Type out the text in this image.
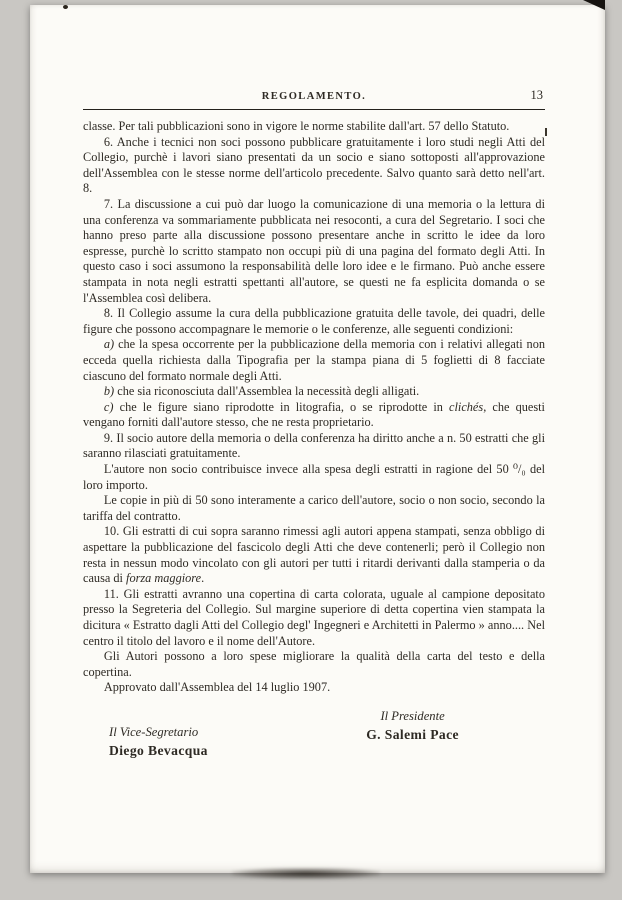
REGOLAMENTO.	13

classe. Per tali pubblicazioni sono in vigore le norme stabilite dall'art. 57 dello Statuto.

6. Anche i tecnici non soci possono pubblicare gratuitamente i loro studi negli Atti del Collegio, purchè i lavori siano presentati da un socio e siano sottoposti all'approvazione dell'Assemblea con le stesse norme dell'articolo precedente. Salvo quanto sarà detto nell'art. 8.

7. La discussione a cui può dar luogo la comunicazione di una memoria o la lettura di una conferenza va sommariamente pubblicata nei resoconti, a cura del Segretario. I soci che hanno preso parte alla discussione possono presentare anche in scritto le idee da loro espresse, purchè lo scritto stampato non occupi più di una pagina del formato degli Atti. In questo caso i soci assumono la responsabilità delle loro idee e le firmano. Può anche essere stampata in nota negli estratti spettanti all'autore, se questi ne fa esplicita domanda o se l'Assemblea così delibera.

8. Il Collegio assume la cura della pubblicazione gratuita delle tavole, dei quadri, delle figure che possono accompagnare le memorie o le conferenze, alle seguenti condizioni:

a) che la spesa occorrente per la pubblicazione della memoria con i relativi allegati non ecceda quella richiesta dalla Tipografia per la stampa piana di 5 foglietti di 8 facciate ciascuno del formato normale degli Atti.

b) che sia riconosciuta dall'Assemblea la necessità degli alligati.

c) che le figure siano riprodotte in litografia, o se riprodotte in clichés, che questi vengano forniti dall'autore stesso, che ne resta proprietario.

9. Il socio autore della memoria o della conferenza ha diritto anche a n. 50 estratti che gli saranno rilasciati gratuitamente.

L'autore non socio contribuisce invece alla spesa degli estratti in ragione del 50 ⁰/₀ del loro importo.

Le copie in più di 50 sono interamente a carico dell'autore, socio o non socio, secondo la tariffa del contratto.

10. Gli estratti di cui sopra saranno rimessi agli autori appena stampati, senza obbligo di aspettare la pubblicazione del fascicolo degli Atti che deve contenerli; però il Collegio non resta in nessun modo vincolato con gli autori per tutti i ritardi derivanti dalla stamperia o da causa di forza maggiore.

11. Gli estratti avranno una copertina di carta colorata, uguale al campione depositato presso la Segreteria del Collegio. Sul margine superiore di detta copertina vien stampata la dicitura « Estratto dagli Atti del Collegio degl' Ingegneri e Architetti in Palermo » anno.... Nel centro il titolo del lavoro e il nome dell'Autore.

Gli Autori possono a loro spese migliorare la qualità della carta del testo e della copertina.

Approvato dall'Assemblea del 14 luglio 1907.

Il Presidente
G. Salemi Pace
Il Vice-Segretario
Diego Bevacqua
